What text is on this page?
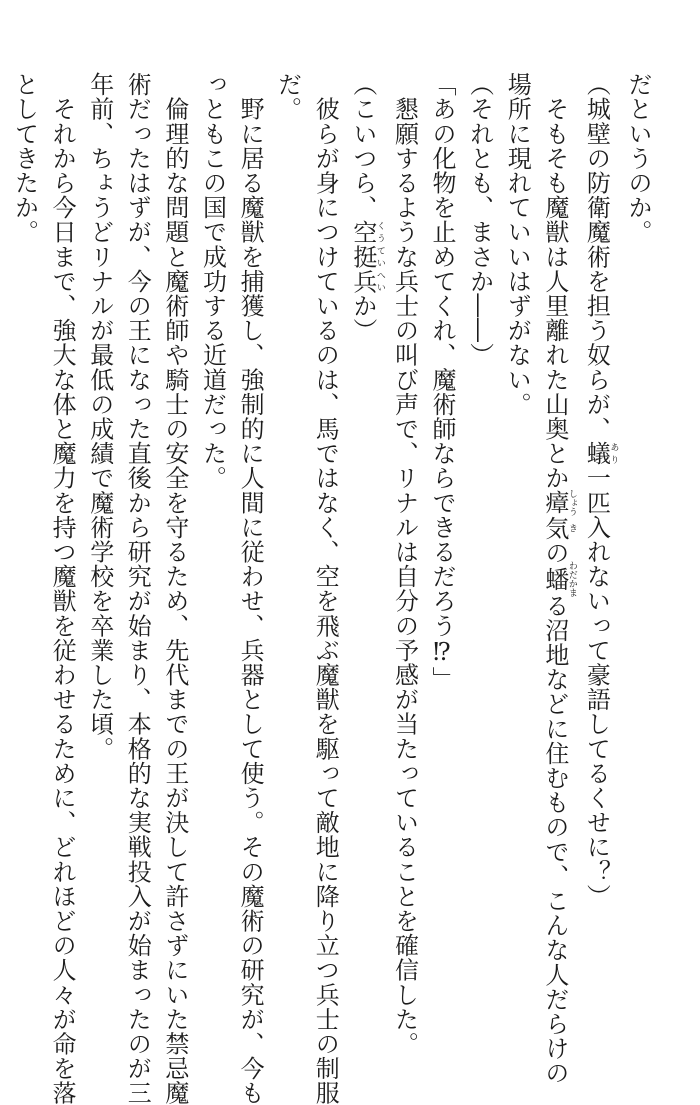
だというのか。
（城壁の防衛魔術を担う奴らが、蟻あり一匹入れないって豪語してるくせに？）
　そもそも魔獣は人里離れた山奥とか瘴しょう気きの蟠わだかまる沼地などに住むもので、こんな人だらけの
場所に現れていいはずがない。
（それとも、まさか――）
「あの化物を止めてくれ、魔術師ならできるだろう⁉」
　懇願するような兵士の叫び声で、リナルは自分の予感が当たっていることを確信した。
（こいつら、空挺兵くうていへいか）
　彼らが身につけているのは、馬ではなく、空を飛ぶ魔獣を駆って敵地に降り立つ兵士の制服
だ。
　野に居る魔獣を捕獲し、強制的に人間に従わせ、兵器として使う。その魔術の研究が、今も
っともこの国で成功する近道だった。
　倫理的な問題と魔術師や騎士の安全を守るため、先代までの王が決して許さずにいた禁忌魔
術だったはずが、今の王になった直後から研究が始まり、本格的な実戦投入が始まったのが三
年前、ちょうどリナルが最低の成績で魔術学校を卒業した頃。
　それから今日まで、強大な体と魔力を持つ魔獣を従わせるために、どれほどの人々が命を落
としてきたか。
